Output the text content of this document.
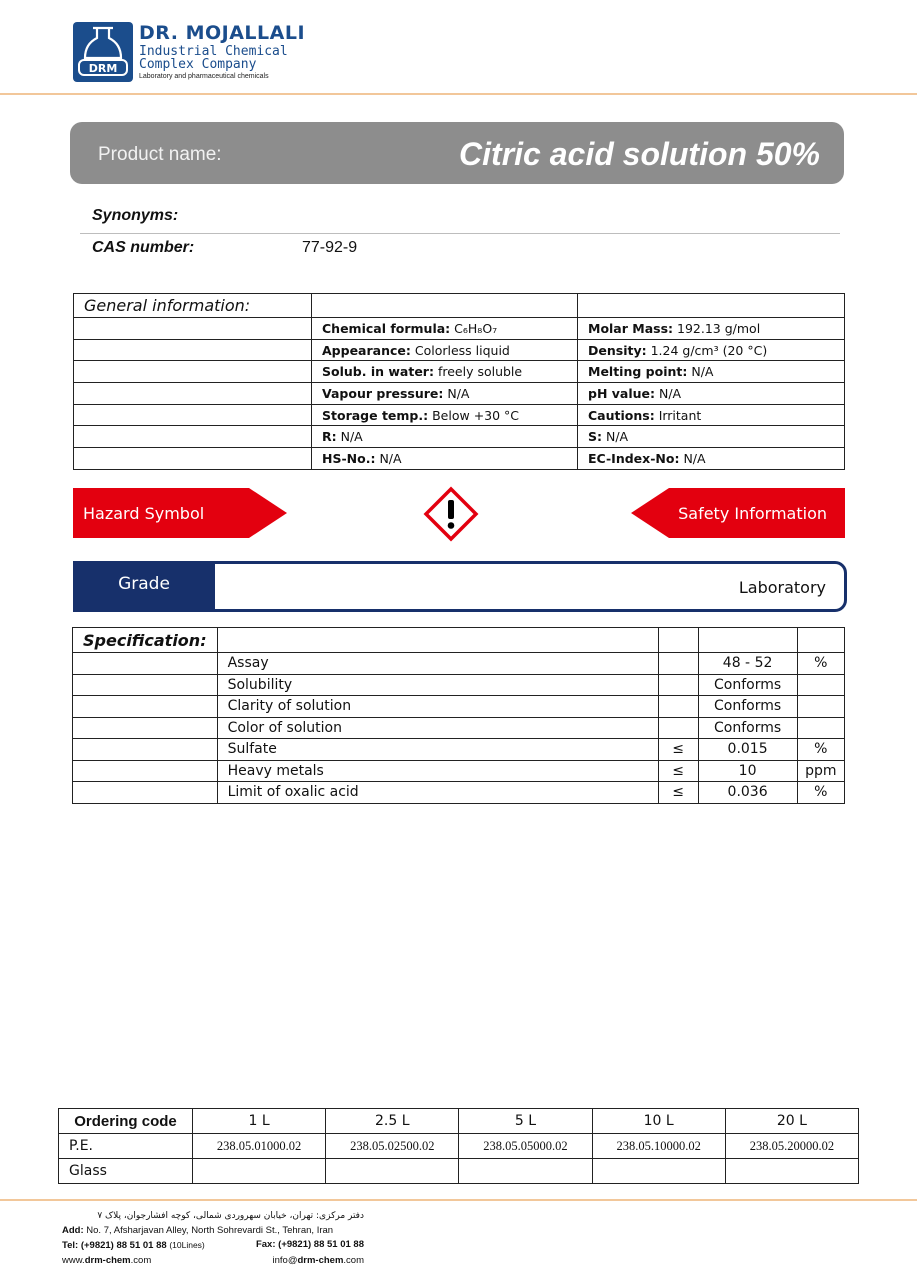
DRM
DR. MOJALLALI
Industrial Chemical
Complex Company
Laboratory and pharmaceutical chemicals
Product name:	Citric acid solution 50%
Synonyms:
CAS number:	77-92-9
General information:		
	Chemical formula: C₆H₈O₇	Molar Mass: 192.13 g/mol
	Appearance: Colorless liquid	Density: 1.24 g/cm³ (20 °C)
	Solub. in water: freely soluble	Melting point: N/A
	Vapour pressure: N/A	pH value: N/A
	Storage temp.: Below +30 °C	Cautions: Irritant
	R: N/A	S: N/A
	HS-No.: N/A	EC-Index-No: N/A
Hazard Symbol	Safety Information
Grade	Laboratory
Specification:				
	Assay		48 - 52	%
	Solubility		Conforms	
	Clarity of solution		Conforms	
	Color of solution		Conforms	
	Sulfate	≤	0.015	%
	Heavy metals	≤	10	ppm
	Limit of oxalic acid	≤	0.036	%
Ordering code	1 L	2.5 L	5 L	10 L	20 L
P.E.	238.05.01000.02	238.05.02500.02	238.05.05000.02	238.05.10000.02	238.05.20000.02
Glass					
دفتر مرکزی: تهران، خیابان سهروردی شمالی، کوچه افشارجوان، پلاک ۷
Add: No. 7, Afsharjavan Alley, North Sohrevardi St., Tehran, Iran
Tel: (+9821) 88 51 01 88 (10Lines)	Fax: (+9821) 88 51 01 88
www.drm-chem.com	info@drm-chem.com
